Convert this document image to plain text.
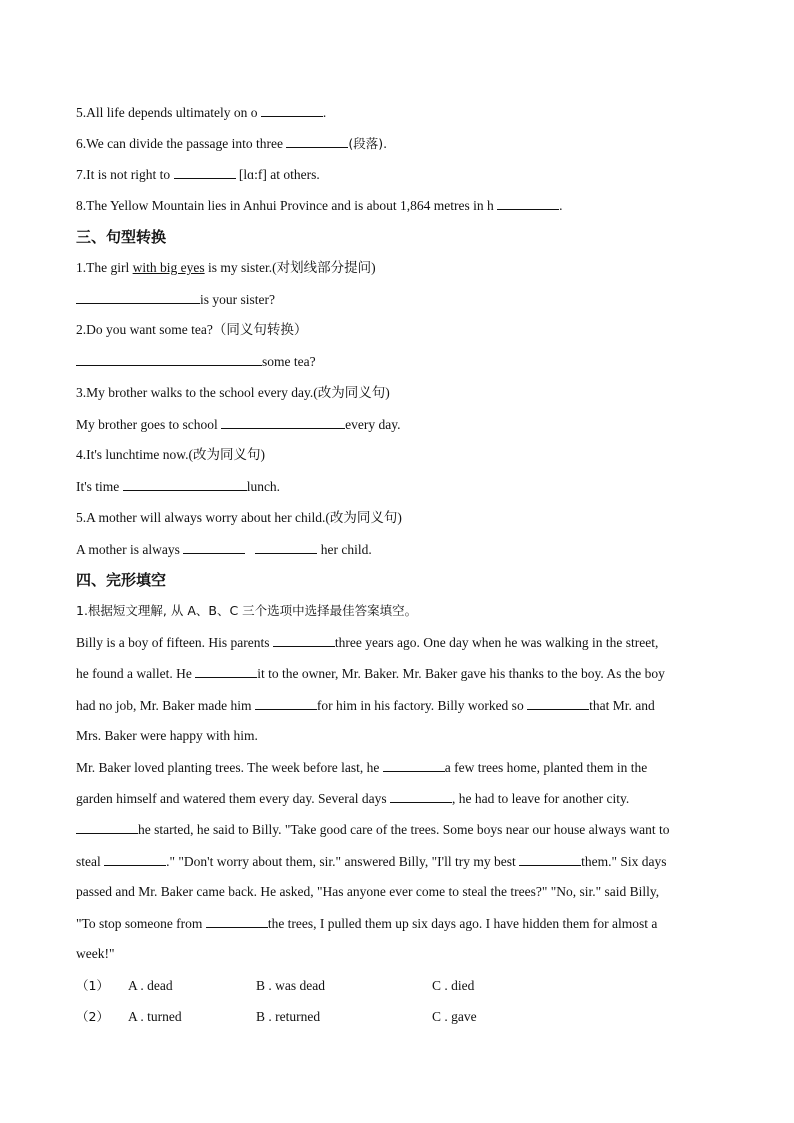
5.All life depends ultimately on o	.
6.We can divide the passage into three	(段落).
7.It is not right to	[lɑ:f] at others.
8.The Yellow Mountain lies in Anhui Province and is about 1,864 metres in h	.
三、句型转换
1.The girl with big eyes is my sister.(对划线部分提问)
is your sister?
2.Do you want some tea?（同义句转换）
some tea?
3.My brother walks to the school every day.(改为同义句)
My brother goes to school	every day.
4.It's lunchtime now.(改为同义句)
It's time	lunch.
5.A mother will always worry about her child.(改为同义句)
A mother is always	her child.
四、完形填空
1.根据短文理解, 从 A、B、C 三个选项中选择最佳答案填空。
Billy is a boy of fifteen. His parents	three years ago. One day when he was walking in the street,
he found a wallet. He	it to the owner, Mr. Baker. Mr. Baker gave his thanks to the boy. As the boy
had no job, Mr. Baker made him	for him in his factory. Billy worked so	that Mr. and
Mrs. Baker were happy with him.
Mr. Baker loved planting trees. The week before last, he	a few trees home, planted them in the
garden himself and watered them every day. Several days	, he had to leave for another city.
he started, he said to Billy. "Take good care of the trees. Some boys near our house always want to
steal	." "Don't worry about them, sir." answered Billy, "I'll try my best	them." Six days
passed and Mr. Baker came back. He asked, "Has anyone ever come to steal the trees?" "No, sir." said Billy,
"To stop someone from	the trees, I pulled them up six days ago. I have hidden them for almost a
week!"
（1） A . dead	B . was dead	C . died
（2） A . turned	B . returned	C . gave
